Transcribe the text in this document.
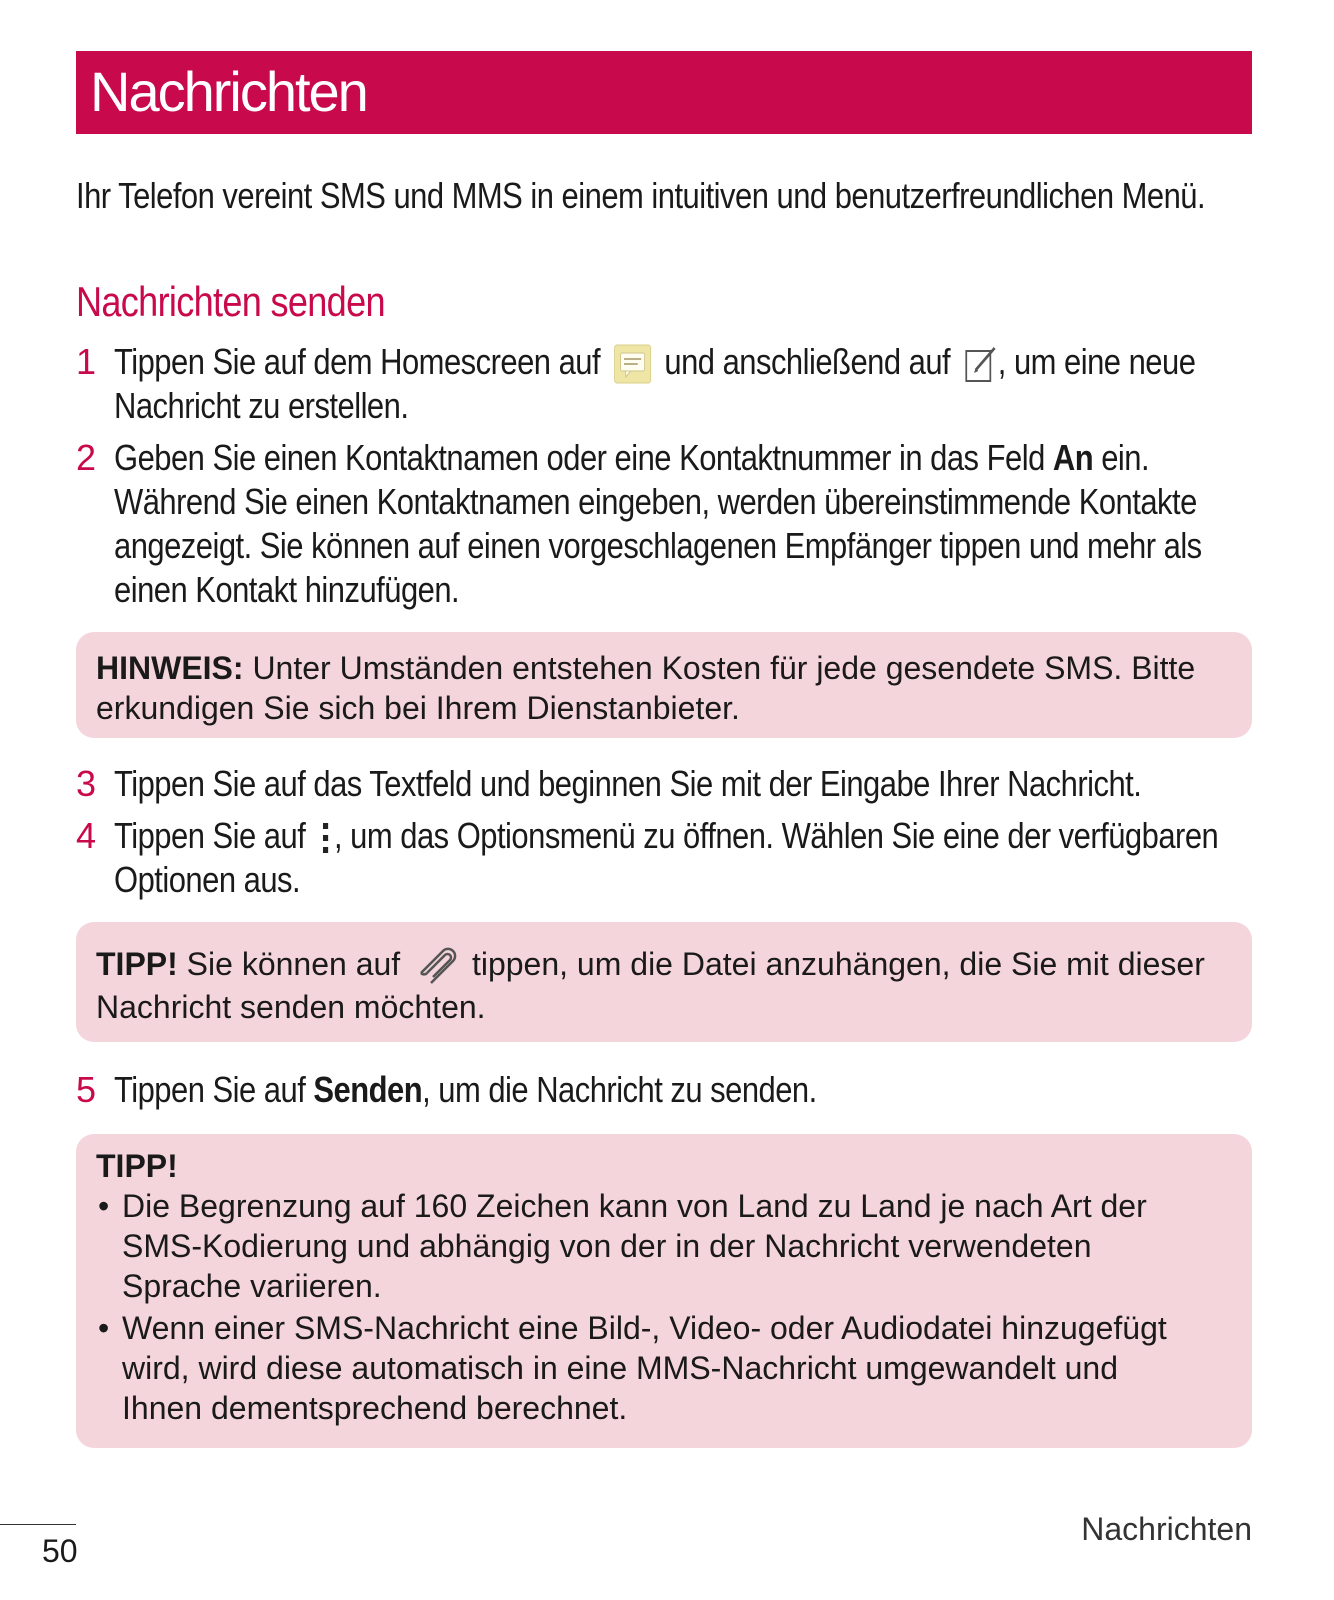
Nachrichten
Ihr Telefon vereint SMS und MMS in einem intuitiven und benutzerfreundlichen Menü.
Nachrichten senden
1 Tippen Sie auf dem Homescreen auf und anschließend auf , um eine neue
Nachricht zu erstellen.
2 Geben Sie einen Kontaktnamen oder eine Kontaktnummer in das Feld An ein.
Während Sie einen Kontaktnamen eingeben, werden übereinstimmende Kontakte
angezeigt. Sie können auf einen vorgeschlagenen Empfänger tippen und mehr als
einen Kontakt hinzufügen.
HINWEIS: Unter Umständen entstehen Kosten für jede gesendete SMS. Bitte
erkundigen Sie sich bei Ihrem Dienstanbieter.
3 Tippen Sie auf das Textfeld und beginnen Sie mit der Eingabe Ihrer Nachricht.
4 Tippen Sie auf , um das Optionsmenü zu öffnen. Wählen Sie eine der verfügbaren
Optionen aus.
TIPP! Sie können auf tippen, um die Datei anzuhängen, die Sie mit dieser
Nachricht senden möchten.
5 Tippen Sie auf Senden, um die Nachricht zu senden.
TIPP!
• Die Begrenzung auf 160 Zeichen kann von Land zu Land je nach Art der
SMS-Kodierung und abhängig von der in der Nachricht verwendeten
Sprache variieren.
• Wenn einer SMS-Nachricht eine Bild-, Video- oder Audiodatei hinzugefügt
wird, wird diese automatisch in eine MMS-Nachricht umgewandelt und
Ihnen dementsprechend berechnet.
50
Nachrichten
